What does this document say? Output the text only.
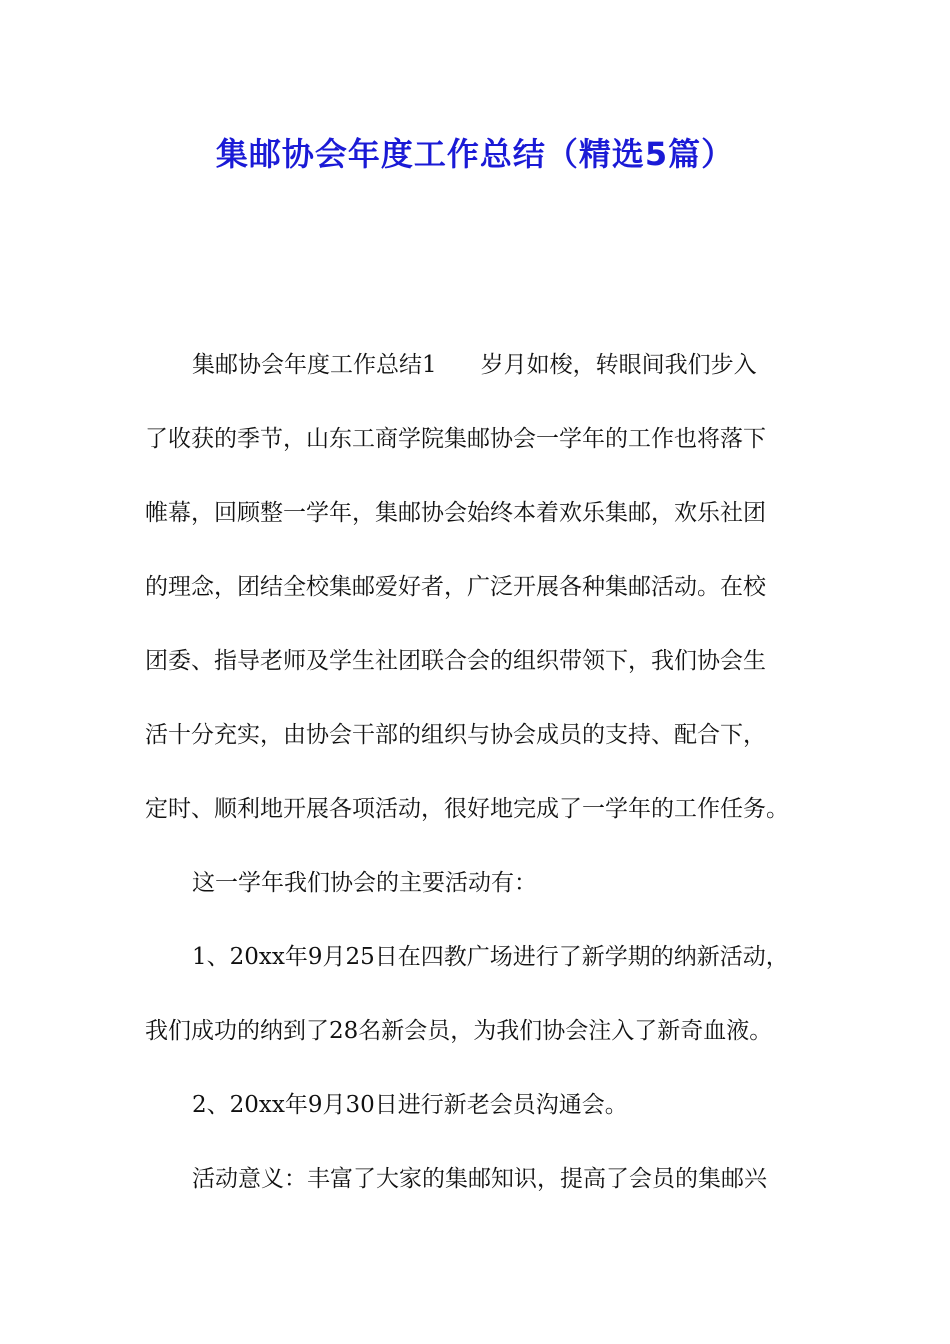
集邮协会年度工作总结（精选5篇）
集邮协会年度工作总结1 岁月如梭，转眼间我们步入
了收获的季节，山东工商学院集邮协会一学年的工作也将落下
帷幕，回顾整一学年，集邮协会始终本着欢乐集邮，欢乐社团
的理念，团结全校集邮爱好者，广泛开展各种集邮活动。在校
团委、指导老师及学生社团联合会的组织带领下，我们协会生
活十分充实，由协会干部的组织与协会成员的支持、配合下，
定时、顺利地开展各项活动，很好地完成了一学年的工作任务。
这一学年我们协会的主要活动有：
1、20xx年9月25日在四教广场进行了新学期的纳新活动，
我们成功的纳到了28名新会员，为我们协会注入了新奇血液。
2、20xx年9月30日进行新老会员沟通会。
活动意义：丰富了大家的集邮知识，提高了会员的集邮兴
